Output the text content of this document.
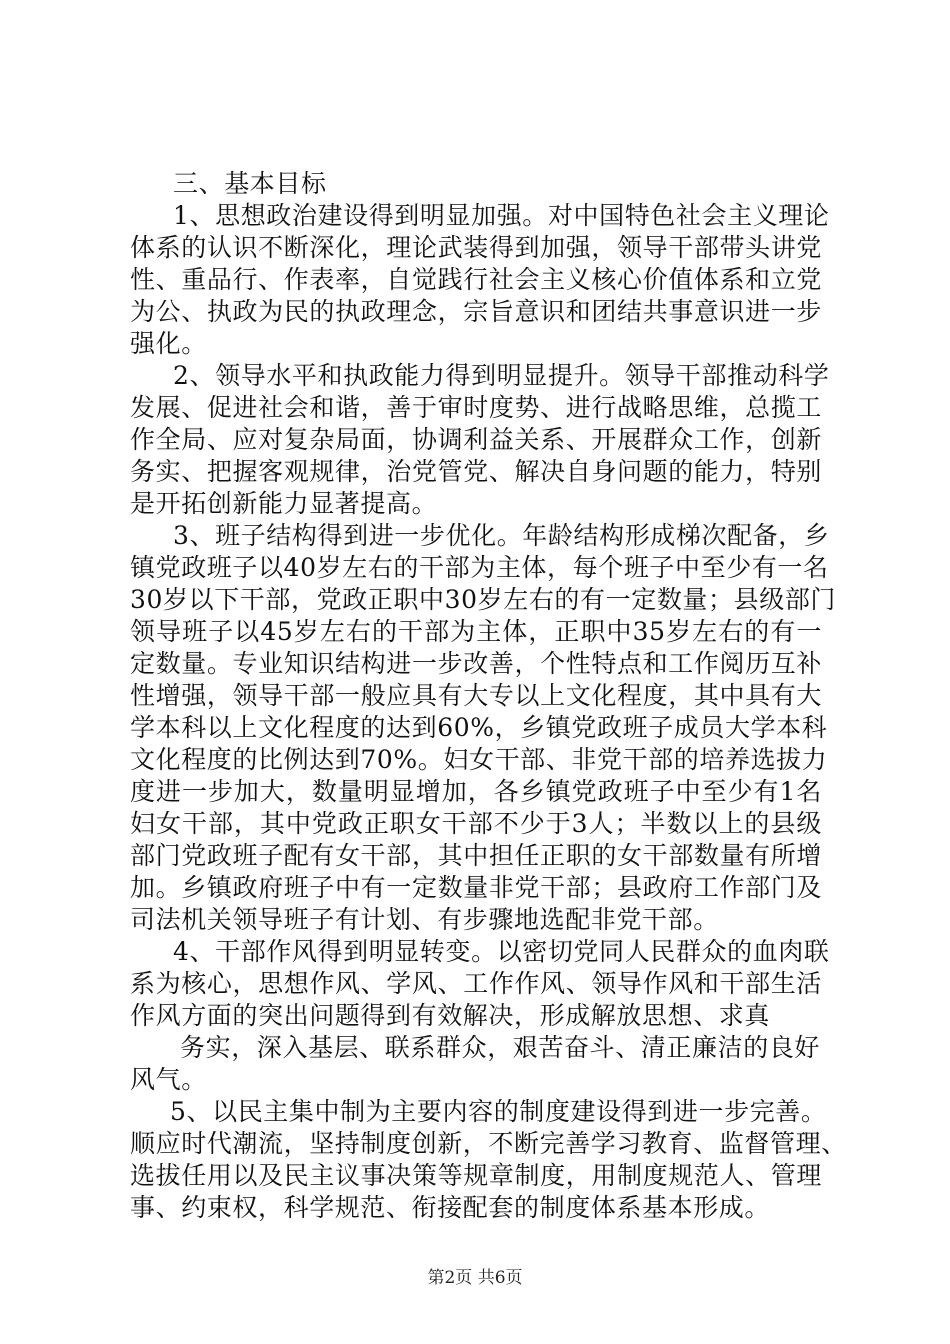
三、基本目标
1、思想政治建设得到明显加强。对中国特色社会主义理论
体系的认识不断深化，理论武装得到加强，领导干部带头讲党
性、重品行、作表率，自觉践行社会主义核心价值体系和立党
为公、执政为民的执政理念，宗旨意识和团结共事意识进一步
强化。
2、领导水平和执政能力得到明显提升。领导干部推动科学
发展、促进社会和谐，善于审时度势、进行战略思维，总揽工
作全局、应对复杂局面，协调利益关系、开展群众工作，创新
务实、把握客观规律，治党管党、解决自身问题的能力，特别
是开拓创新能力显著提高。
3、班子结构得到进一步优化。年龄结构形成梯次配备，乡
镇党政班子以40岁左右的干部为主体，每个班子中至少有一名
30岁以下干部，党政正职中30岁左右的有一定数量；县级部门
领导班子以45岁左右的干部为主体，正职中35岁左右的有一
定数量。专业知识结构进一步改善，个性特点和工作阅历互补
性增强，领导干部一般应具有大专以上文化程度，其中具有大
学本科以上文化程度的达到60%，乡镇党政班子成员大学本科
文化程度的比例达到70%。妇女干部、非党干部的培养选拔力
度进一步加大，数量明显增加，各乡镇党政班子中至少有1名
妇女干部，其中党政正职女干部不少于3人；半数以上的县级
部门党政班子配有女干部，其中担任正职的女干部数量有所增
加。乡镇政府班子中有一定数量非党干部；县政府工作部门及
司法机关领导班子有计划、有步骤地选配非党干部。
4、干部作风得到明显转变。以密切党同人民群众的血肉联
系为核心，思想作风、学风、工作作风、领导作风和干部生活
作风方面的突出问题得到有效解决，形成解放思想、求真
务实，深入基层、联系群众，艰苦奋斗、清正廉洁的良好
风气。
5、以民主集中制为主要内容的制度建设得到进一步完善。
顺应时代潮流，坚持制度创新，不断完善学习教育、监督管理、
选拔任用以及民主议事决策等规章制度，用制度规范人、管理
事、约束权，科学规范、衔接配套的制度体系基本形成。
第2页 共6页
